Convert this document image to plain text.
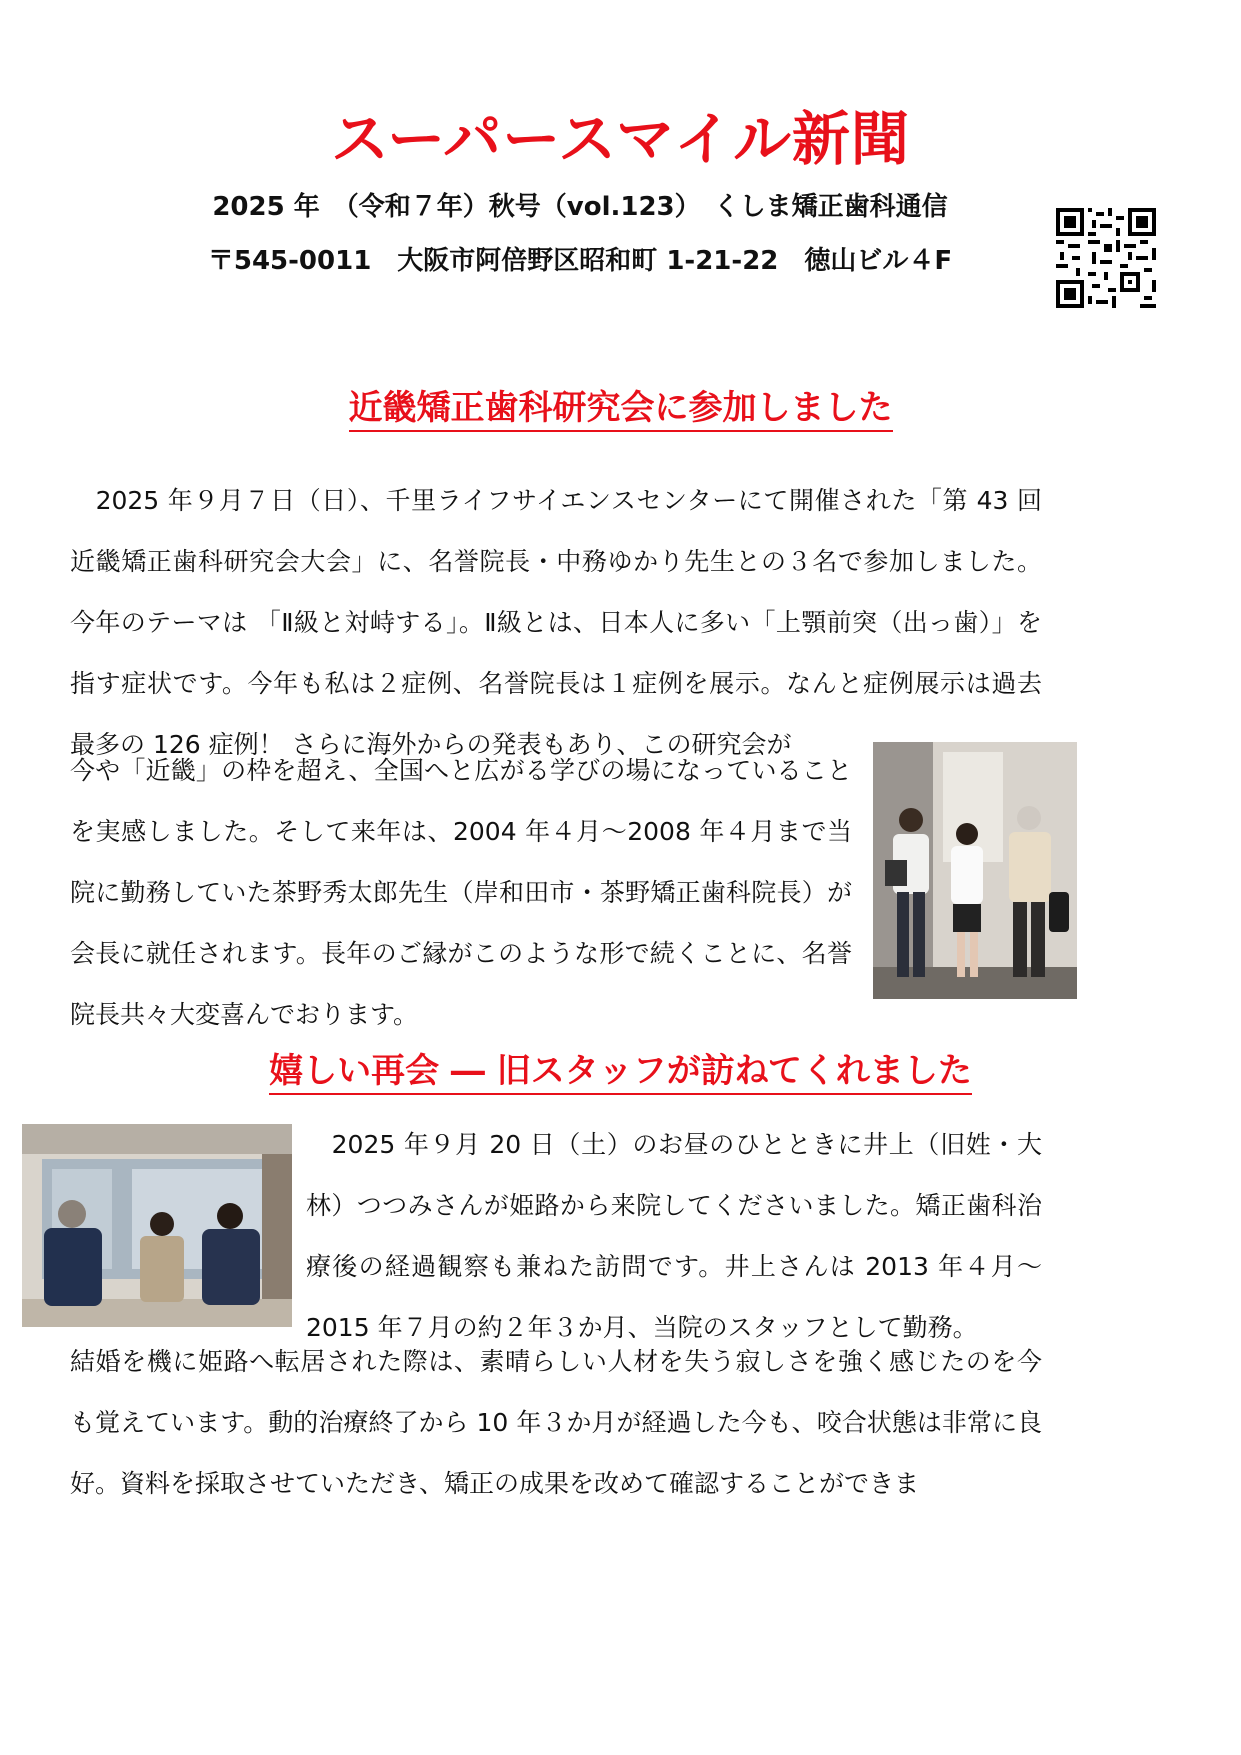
スーパースマイル新聞

2025 年　（令和７年）秋号（vol.123）　くしま矯正歯科通信

〒545-0011　大阪市阿倍野区昭和町 1-21-22　徳山ビル４F

近畿矯正歯科研究会に参加しました

　2025 年９月７日（日）、千里ライフサイエンスセンターにて開催された「第 43 回 近畿矯正歯科研究会大会」に、名誉院長・中務ゆかり先生との３名で参加しました。今年のテーマは 「Ⅱ級と対峙する」。Ⅱ級とは、日本人に多い「上顎前突（出っ歯）」を指す症状です。今年も私は２症例、名誉院長は１症例を展示。なんと症例展示は過去最多の 126 症例！ さらに海外からの発表もあり、この研究会が

今や「近畿」の枠を超え、全国へと広がる学びの場になっていることを実感しました。そして来年は、2004 年４月～2008 年４月まで当院に勤務していた茶野秀太郎先生（岸和田市・茶野矯正歯科院長）が会長に就任されます。長年のご縁がこのような形で続くことに、名誉院長共々大変喜んでおります。

嬉しい再会 ― 旧スタッフが訪ねてくれました

　2025 年９月 20 日（土）のお昼のひとときに井上（旧姓・大林）つつみさんが姫路から来院してくださいました。矯正歯科治療後の経過観察も兼ねた訪問です。井上さんは 2013 年４月～2015 年７月の約２年３か月、当院のスタッフとして勤務。

結婚を機に姫路へ転居された際は、素晴らしい人材を失う寂しさを強く感じたのを今も覚えています。動的治療終了から 10 年３か月が経過した今も、咬合状態は非常に良好。資料を採取させていただき、矯正の成果を改めて確認することができま
